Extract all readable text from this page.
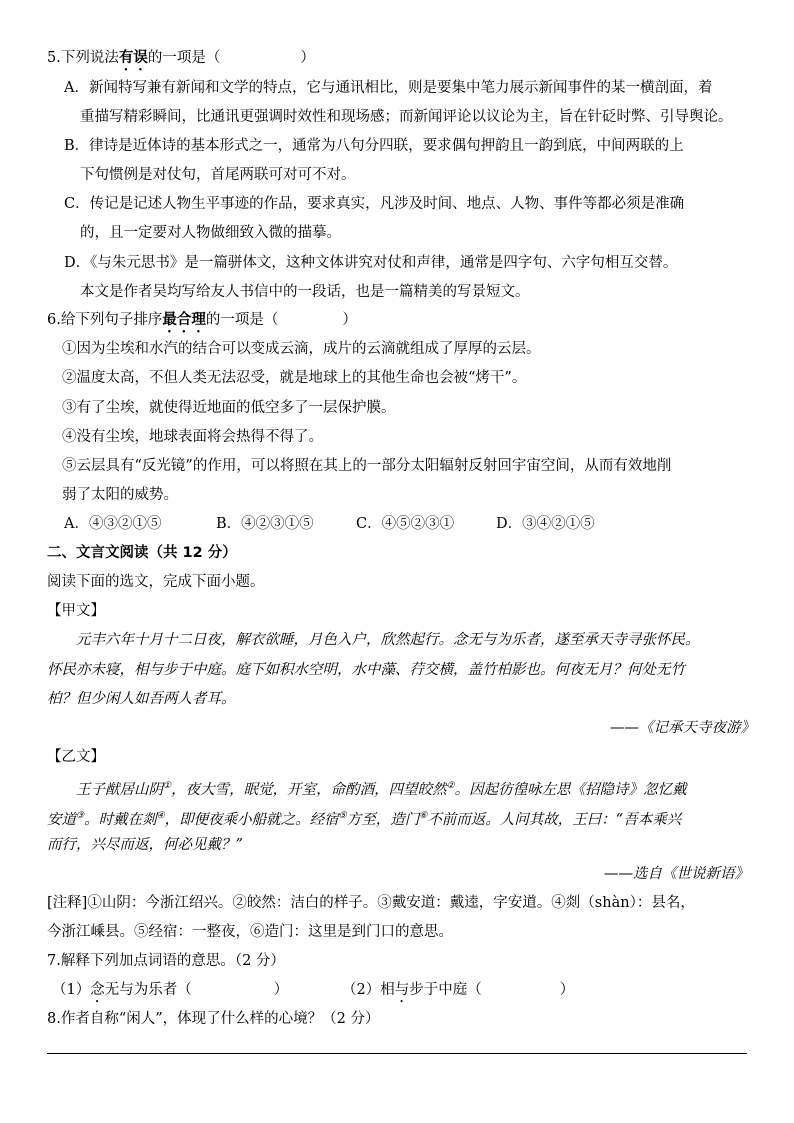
5.下列说法有误的一项是（	）
A．新闻特写兼有新闻和文学的特点，它与通讯相比，则是要集中笔力展示新闻事件的某一横剖面，着
重描写精彩瞬间，比通讯更强调时效性和现场感；而新闻评论以议论为主，旨在针砭时弊、引导舆论。
B．律诗是近体诗的基本形式之一，通常为八句分四联，要求偶句押韵且一韵到底，中间两联的上
下句惯例是对仗句，首尾两联可对可不对。
C．传记是记述人物生平事迹的作品，要求真实，凡涉及时间、地点、人物、事件等都必须是准确
的，且一定要对人物做细致入微的描摹。
D．《与朱元思书》是一篇骈体文，这种文体讲究对仗和声律，通常是四字句、六字句相互交替。
本文是作者吴均写给友人书信中的一段话，也是一篇精美的写景短文。
6.给下列句子排序最合理的一项是（	）
①因为尘埃和水汽的结合可以变成云滴，成片的云滴就组成了厚厚的云层。
②温度太高，不但人类无法忍受，就是地球上的其他生命也会被“烤干”。
③有了尘埃，就使得近地面的低空多了一层保护膜。
④没有尘埃，地球表面将会热得不得了。
⑤云层具有“反光镜”的作用，可以将照在其上的一部分太阳辐射反射回宇宙空间，从而有效地削
弱了太阳的威势。
A．④③②①⑤	B．④②③①⑤	C．④⑤②③①	D．③④②①⑤
二、文言文阅读（共 12 分）
阅读下面的选文，完成下面小题。
【甲文】
元丰六年十月十二日夜，解衣欲睡，月色入户，欣然起行。念无与为乐者，遂至承天寺寻张怀民。
怀民亦未寝，相与步于中庭。庭下如积水空明，水中藻、荇交横，盖竹柏影也。何夜无月？何处无竹
柏？但少闲人如吾两人者耳。
——《记承天寺夜游》
【乙文】
王子猷居山阴①，夜大雪，眠觉，开室，命酌酒，四望皎然②。因起彷徨咏左思《招隐诗》忽忆戴
安道③。时戴在剡④，即便夜乘小船就之。经宿⑤方至，造门⑥不前而返。人问其故，王曰：“吾本乘兴
而行，兴尽而返，何必见戴？”
——选自《世说新语》
[注释]①山阴：今浙江绍兴。②皎然：洁白的样子。③戴安道：戴逵，字安道。④剡（shàn）：县名，
今浙江嵊县。⑤经宿：一整夜，⑥造门：这里是到门口的意思。
7.解释下列加点词语的意思。（2 分）
（1）念无与为乐者（	）	（2）相与步于中庭（	）
8.作者自称“闲人”，体现了什么样的心境？（2 分）
